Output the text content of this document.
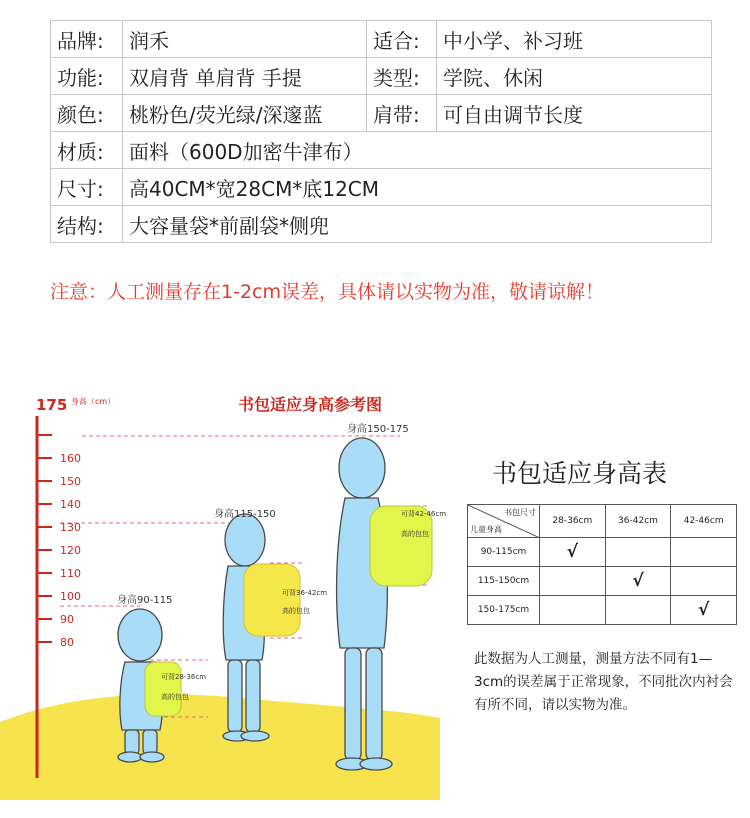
品牌:	润禾	适合:	中小学、补习班
功能:	双肩背 单肩背 手提	类型:	学院、休闲
颜色:	桃粉色/荧光绿/深邃蓝	肩带:	可自由调节长度
材质:	面料（600D加密牛津布）		
尺寸:	高40CM*宽28CM*底12CM		
结构:	大容量袋*前副袋*侧兜		
注意：人工测量存在1-2cm误差，具体请以实物为准，敬请谅解！
书包适应身高参考图
175 身高（cm）
160
150
140
130
120
110
100
90
80
身高90-115
身高115-150
身高150-175
可背28-36cm
高的包包
可背36-42cm
高的包包
可背42-46cm
高的包包
书包适应身高表
书包尺寸
儿童身高	28-36cm	36-42cm	42-46cm
90-115cm	√		
115-150cm		√	
150-175cm			√
此数据为人工测量，测量方法不同有1—3cm的误差属于正常现象，不同批次内衬会有所不同，请以实物为准。
